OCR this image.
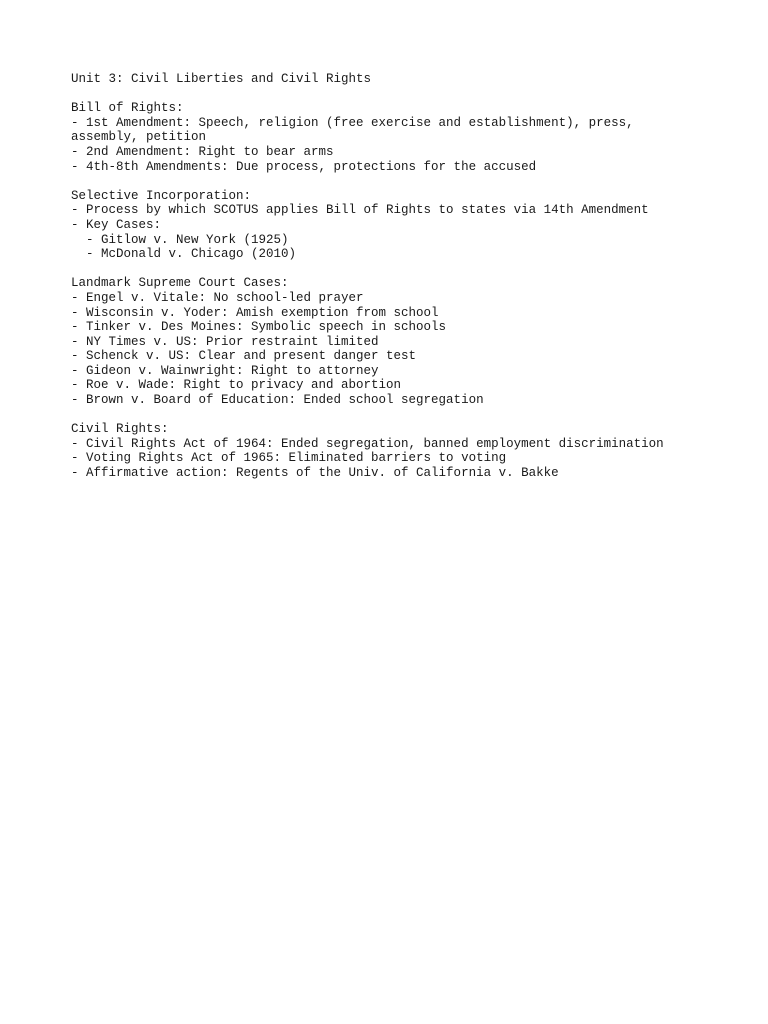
Unit 3: Civil Liberties and Civil Rights
Bill of Rights:
- 1st Amendment: Speech, religion (free exercise and establishment), press,
assembly, petition
- 2nd Amendment: Right to bear arms
- 4th-8th Amendments: Due process, protections for the accused
Selective Incorporation:
- Process by which SCOTUS applies Bill of Rights to states via 14th Amendment
- Key Cases:
- Gitlow v. New York (1925)
- McDonald v. Chicago (2010)
Landmark Supreme Court Cases:
- Engel v. Vitale: No school-led prayer
- Wisconsin v. Yoder: Amish exemption from school
- Tinker v. Des Moines: Symbolic speech in schools
- NY Times v. US: Prior restraint limited
- Schenck v. US: Clear and present danger test
- Gideon v. Wainwright: Right to attorney
- Roe v. Wade: Right to privacy and abortion
- Brown v. Board of Education: Ended school segregation
Civil Rights:
- Civil Rights Act of 1964: Ended segregation, banned employment discrimination
- Voting Rights Act of 1965: Eliminated barriers to voting
- Affirmative action: Regents of the Univ. of California v. Bakke
